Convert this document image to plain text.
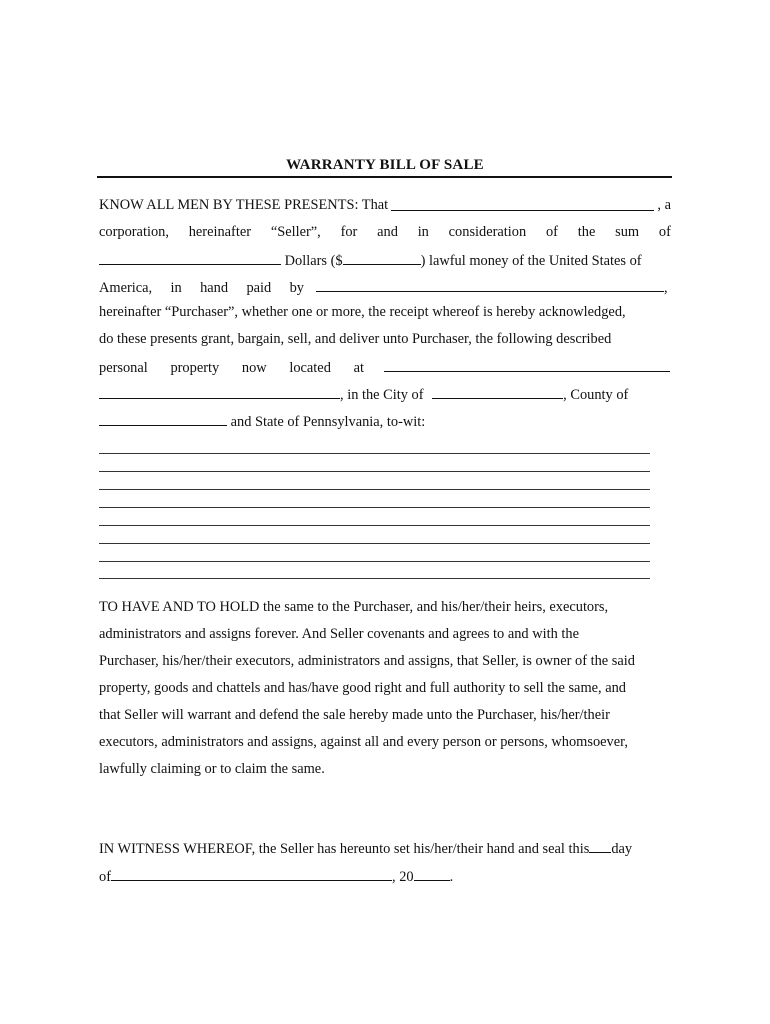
WARRANTY BILL OF SALE
KNOW ALL MEN BY THESE PRESENTS: That	, a
corporation, hereinafter “Seller”, for and in consideration of the sum of
Dollars ($	) lawful money of the United States of
America, in hand paid by	,
hereinafter “Purchaser”, whether one or more, the receipt whereof is hereby acknowledged,
do these presents grant, bargain, sell, and deliver unto Purchaser, the following described
personal property now located at
, in the City of	, County of
and State of Pennsylvania, to-wit:
TO HAVE AND TO HOLD the same to the Purchaser, and his/her/their heirs, executors,
administrators and assigns forever. And Seller covenants and agrees to and with the
Purchaser, his/her/their executors, administrators and assigns, that Seller, is owner of the said
property, goods and chattels and has/have good right and full authority to sell the same, and
that Seller will warrant and defend the sale hereby made unto the Purchaser, his/her/their
executors, administrators and assigns, against all and every person or persons, whomsoever,
lawfully claiming or to claim the same.
IN WITNESS WHEREOF, the Seller has hereunto set his/her/their hand and seal this day
of	, 20	.
